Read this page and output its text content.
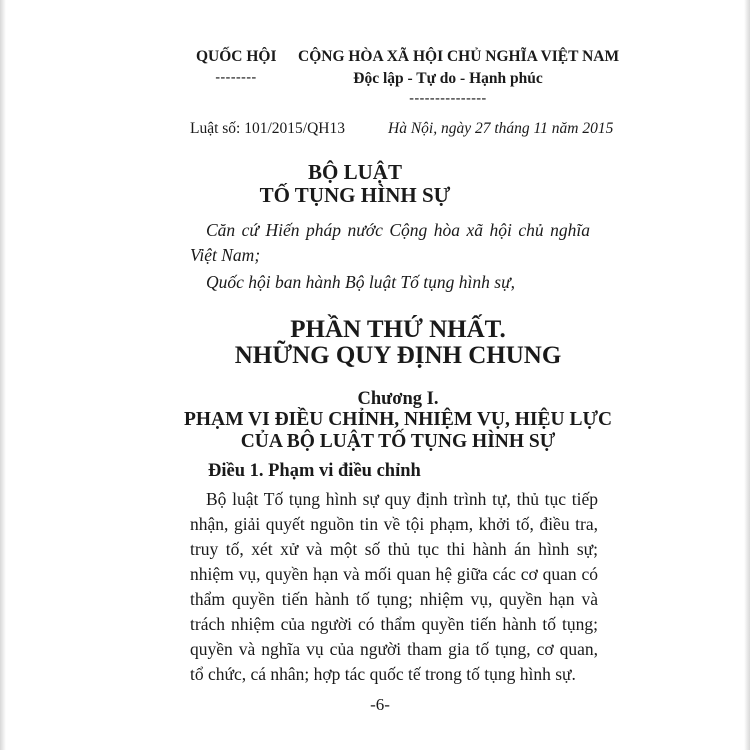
QUỐC HỘI
--------
CỘNG HÒA XÃ HỘI CHỦ NGHĨA VIỆT NAM
Độc lập - Tự do - Hạnh phúc
---------------
Luật số: 101/2015/QH13	Hà Nội, ngày 27 tháng 11 năm 2015
BỘ LUẬT
TỐ TỤNG HÌNH SỰ
Căn cứ Hiến pháp nước Cộng hòa xã hội chủ nghĩa Việt Nam;
Quốc hội ban hành Bộ luật Tố tụng hình sự,
PHẦN THỨ NHẤT.
NHỮNG QUY ĐỊNH CHUNG
Chương I.
PHẠM VI ĐIỀU CHỈNH, NHIỆM VỤ, HIỆU LỰC
CỦA BỘ LUẬT TỐ TỤNG HÌNH SỰ
Điều 1. Phạm vi điều chỉnh
Bộ luật Tố tụng hình sự quy định trình tự, thủ tục tiếp nhận, giải quyết nguồn tin về tội phạm, khởi tố, điều tra, truy tố, xét xử và một số thủ tục thi hành án hình sự; nhiệm vụ, quyền hạn và mối quan hệ giữa các cơ quan có thẩm quyền tiến hành tố tụng; nhiệm vụ, quyền hạn và trách nhiệm của người có thẩm quyền tiến hành tố tụng; quyền và nghĩa vụ của người tham gia tố tụng, cơ quan, tổ chức, cá nhân; hợp tác quốc tế trong tố tụng hình sự.
-6-
